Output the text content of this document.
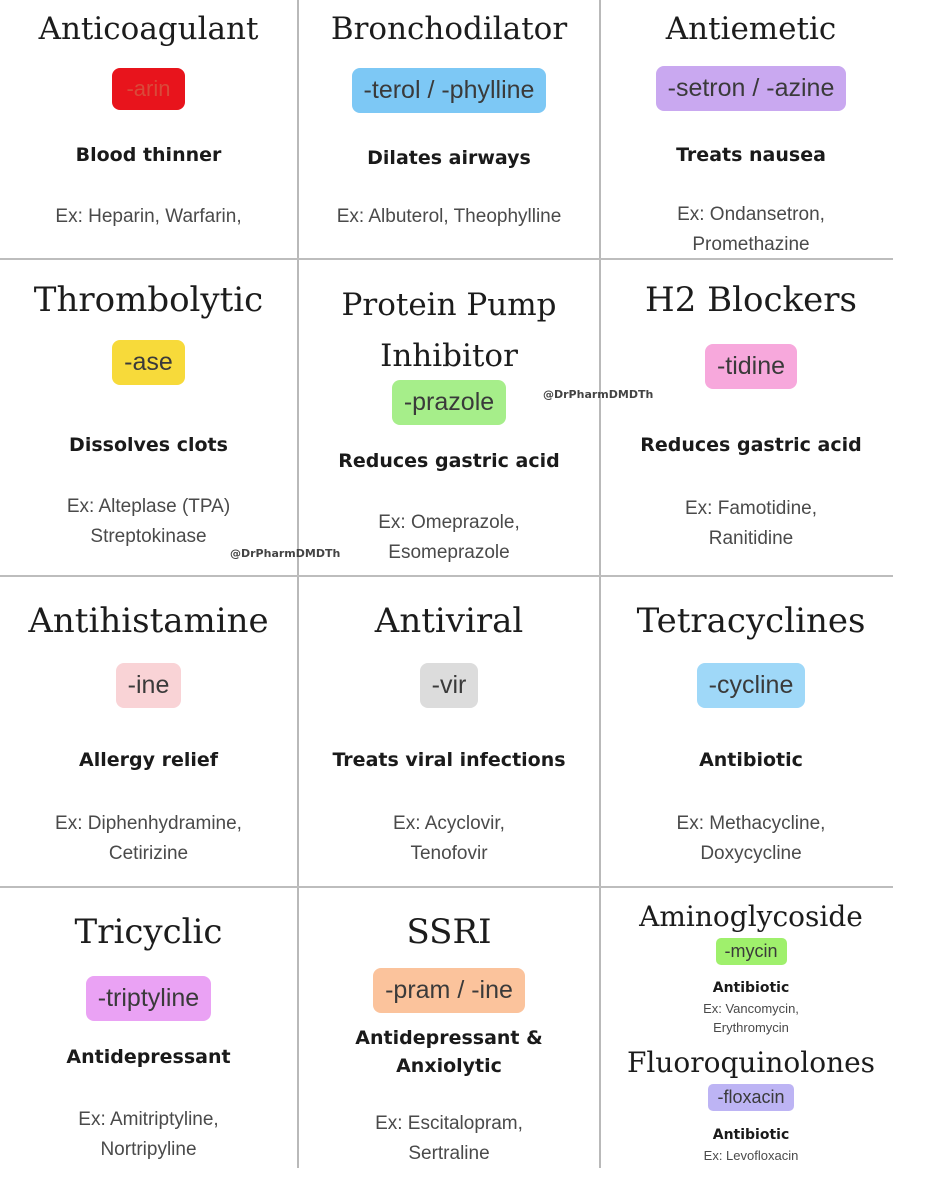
Anticoagulant
-arin
Blood thinner
Ex: Heparin, Warfarin,
Bronchodilator
-terol / -phylline
Dilates airways
Ex: Albuterol, Theophylline
Antiemetic
-setron / -azine
Treats nausea
Ex: Ondansetron,
Promethazine
Thrombolytic
-ase
Dissolves clots
Ex: Alteplase (TPA)
Streptokinase
Protein Pump
Inhibitor
-prazole
Reduces gastric acid
Ex: Omeprazole,
Esomeprazole
H2 Blockers
-tidine
Reduces gastric acid
Ex: Famotidine,
Ranitidine
Antihistamine
-ine
Allergy relief
Ex: Diphenhydramine,
Cetirizine
Antiviral
-vir
Treats viral infections
Ex: Acyclovir,
Tenofovir
Tetracyclines
-cycline
Antibiotic
Ex: Methacycline,
Doxycycline
Tricyclic
-triptyline
Antidepressant
Ex: Amitriptyline,
Nortripyline
SSRI
-pram / -ine
Antidepressant &
Anxiolytic
Ex: Escitalopram,
Sertraline
Aminoglycoside
-mycin
Antibiotic
Ex: Vancomycin,
Erythromycin
Fluoroquinolones
-floxacin
Antibiotic
Ex: Levofloxacin
@DrPharmDMDTh
@DrPharmDMDTh
